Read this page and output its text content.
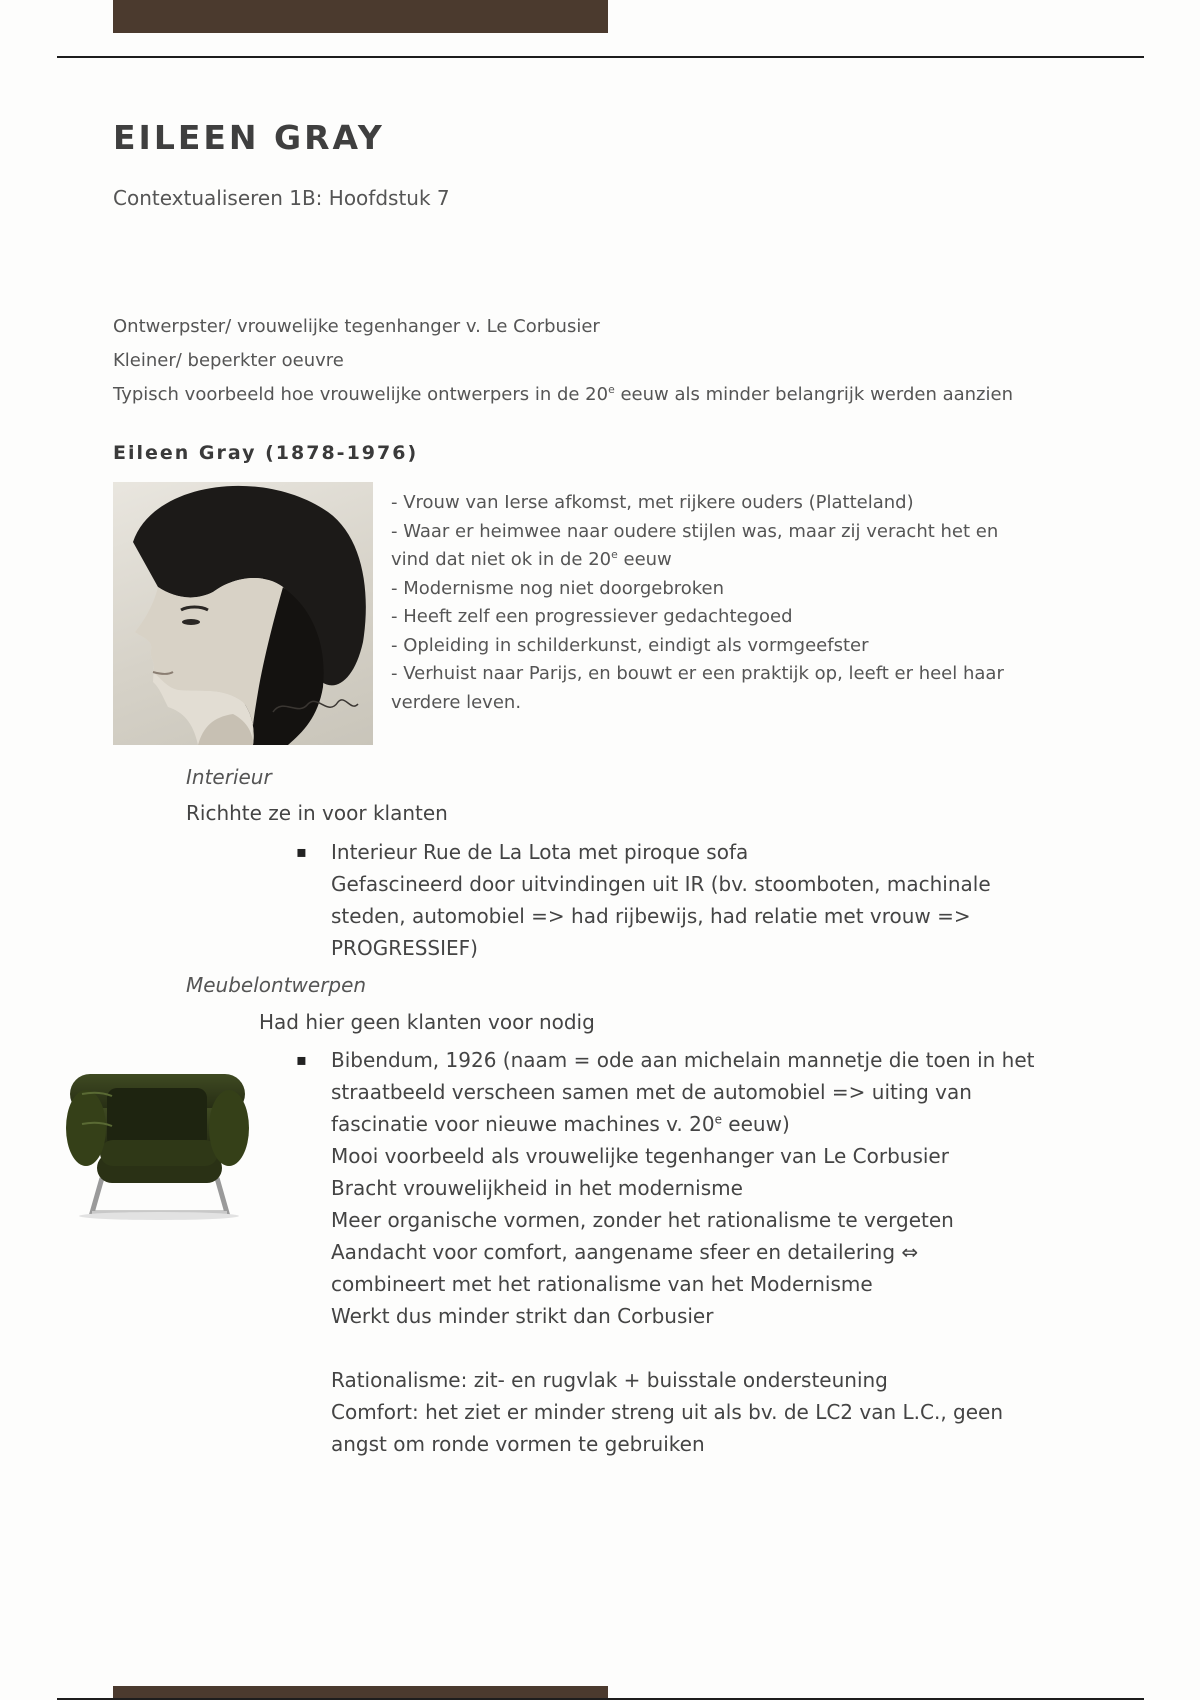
EILEEN GRAY
Contextualiseren 1B: Hoofdstuk 7
Ontwerpster/ vrouwelijke tegenhanger v. Le Corbusier
Kleiner/ beperkter oeuvre
Typisch voorbeeld hoe vrouwelijke ontwerpers in de 20e eeuw als minder belangrijk werden aanzien
Eileen Gray (1878-1976)
- Vrouw van Ierse afkomst, met rijkere ouders (Platteland)
- Waar er heimwee naar oudere stijlen was, maar zij veracht het en
vind dat niet ok in de 20e eeuw
- Modernisme nog niet doorgebroken
- Heeft zelf een progressiever gedachtegoed
- Opleiding in schilderkunst, eindigt als vormgeefster
- Verhuist naar Parijs, en bouwt er een praktijk op, leeft er heel haar
verdere leven.
Interieur
Richhte ze in voor klanten
▪ Interieur Rue de La Lota met piroque sofa
Gefascineerd door uitvindingen uit IR (bv. stoomboten, machinale
steden, automobiel => had rijbewijs, had relatie met vrouw =>
PROGRESSIEF)
Meubelontwerpen
Had hier geen klanten voor nodig
▪ Bibendum, 1926 (naam = ode aan michelain mannetje die toen in het
straatbeeld verscheen samen met de automobiel => uiting van
fascinatie voor nieuwe machines v. 20e eeuw)
Mooi voorbeeld als vrouwelijke tegenhanger van Le Corbusier
Bracht vrouwelijkheid in het modernisme
Meer organische vormen, zonder het rationalisme te vergeten
Aandacht voor comfort, aangename sfeer en detailering ⇔
combineert met het rationalisme van het Modernisme
Werkt dus minder strikt dan Corbusier
Rationalisme: zit- en rugvlak + buisstale ondersteuning
Comfort: het ziet er minder streng uit als bv. de LC2 van L.C., geen
angst om ronde vormen te gebruiken
